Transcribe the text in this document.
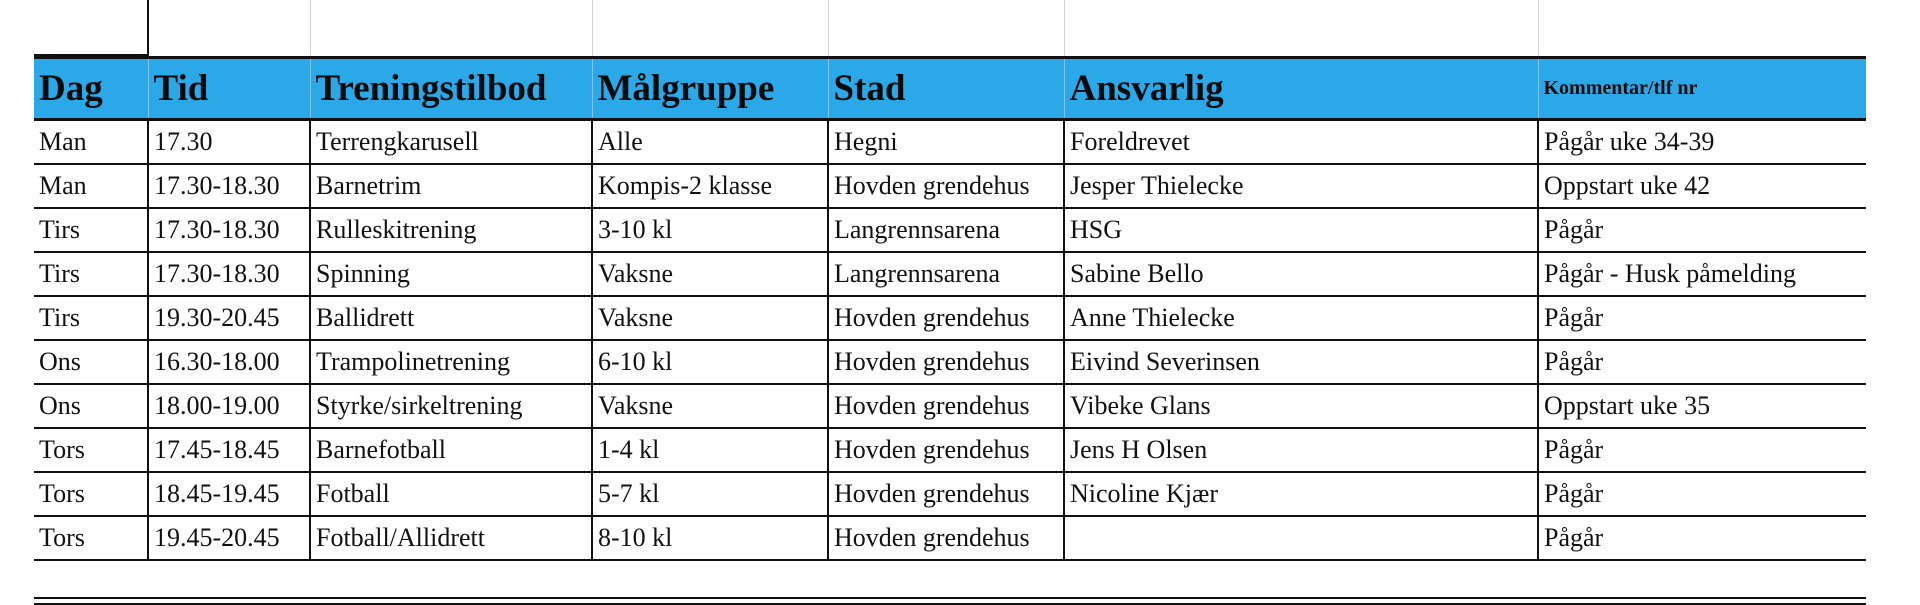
Dag	Tid	Treningstilbod	Målgruppe	Stad	Ansvarlig	Kommentar/tlf nr
Man	17.30	Terrengkarusell	Alle	Hegni	Foreldrevet	Pågår uke 34-39
Man	17.30-18.30	Barnetrim	Kompis-2 klasse	Hovden grendehus	Jesper Thielecke	Oppstart uke 42
Tirs	17.30-18.30	Rulleskitrening	3-10 kl	Langrennsarena	HSG	Pågår
Tirs	17.30-18.30	Spinning	Vaksne	Langrennsarena	Sabine Bello	Pågår - Husk påmelding
Tirs	19.30-20.45	Ballidrett	Vaksne	Hovden grendehus	Anne Thielecke	Pågår
Ons	16.30-18.00	Trampolinetrening	6-10 kl	Hovden grendehus	Eivind Severinsen	Pågår
Ons	18.00-19.00	Styrke/sirkeltrening	Vaksne	Hovden grendehus	Vibeke Glans	Oppstart uke 35
Tors	17.45-18.45	Barnefotball	1-4 kl	Hovden grendehus	Jens H Olsen	Pågår
Tors	18.45-19.45	Fotball	5-7 kl	Hovden grendehus	Nicoline Kjær	Pågår
Tors	19.45-20.45	Fotball/Allidrett	8-10 kl	Hovden grendehus		Pågår
